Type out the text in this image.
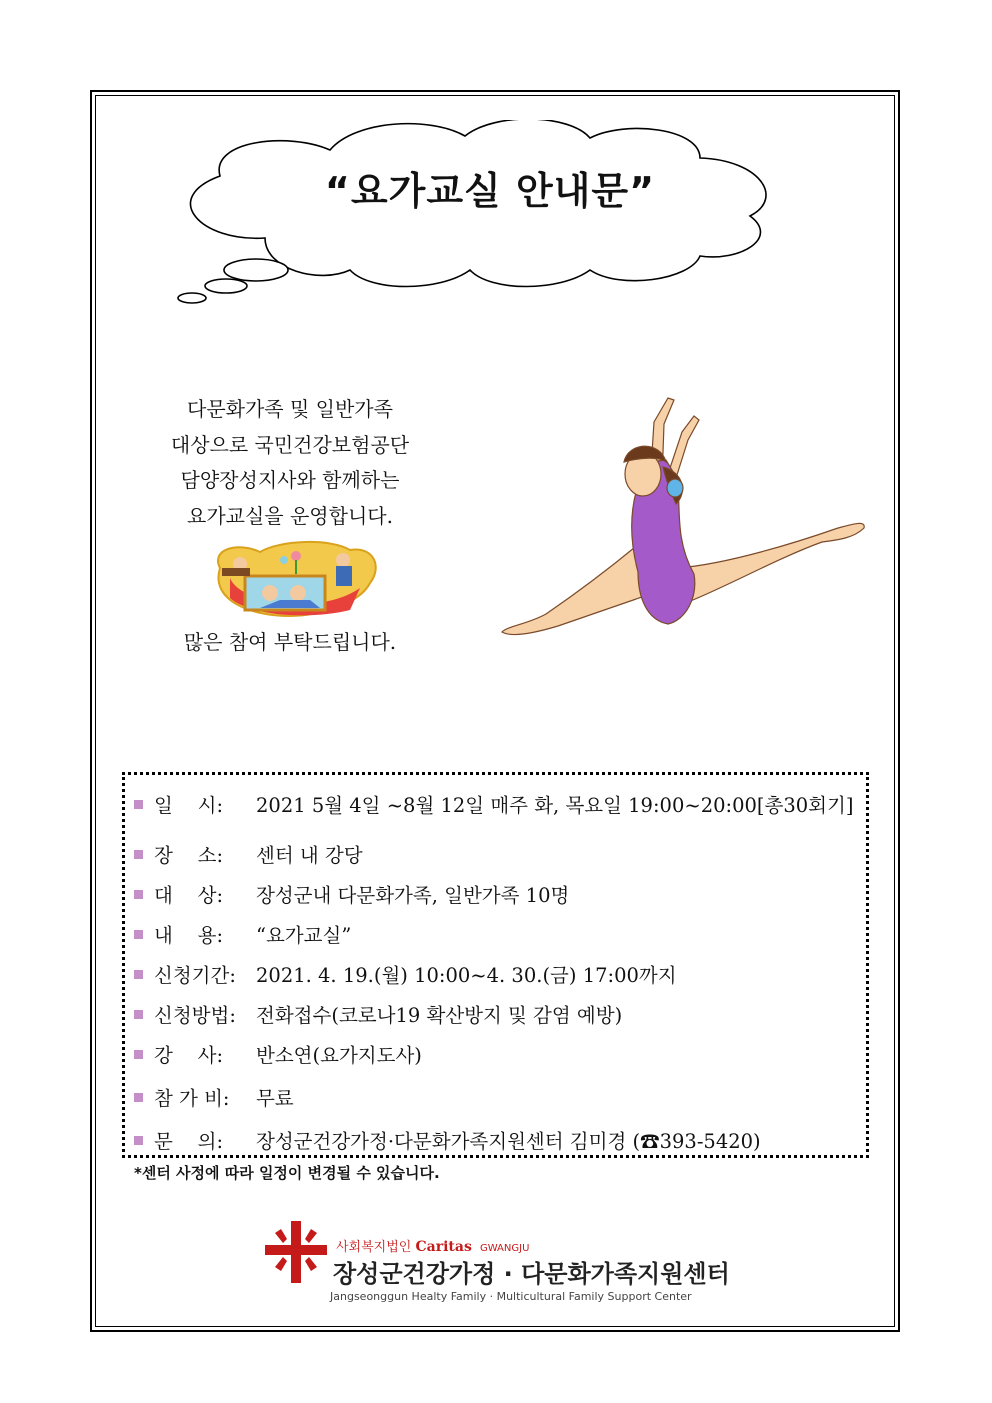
“요가교실 안내문”
다문화가족 및 일반가족
대상으로 국민건강보험공단
담양장성지사와 함께하는
요가교실을 운영합니다.
많은 참여 부탁드립니다.
일    시:	2021 5월 4일 ~8월 12일 매주 화, 목요일 19:00~20:00[총30회기]
장    소:	센터 내 강당
대    상:	장성군내 다문화가족, 일반가족 10명
내    용:	“요가교실”
신청기간:	2021. 4. 19.(월) 10:00~4. 30.(금) 17:00까지
신청방법:	전화접수(코로나19 확산방지 및 감염 예방)
강    사:	반소연(요가지도사)
참 가 비:	무료
문    의:	장성군건강가정·다문화가족지원센터 김미경 (☎393-5420)
*센터 사정에 따라 일정이 변경될 수 있습니다.
사회복지법인 Caritas GWANGJU
장성군건강가정 · 다문화가족지원센터
Jangseonggun Healty Family · Multicultural Family Support Center
